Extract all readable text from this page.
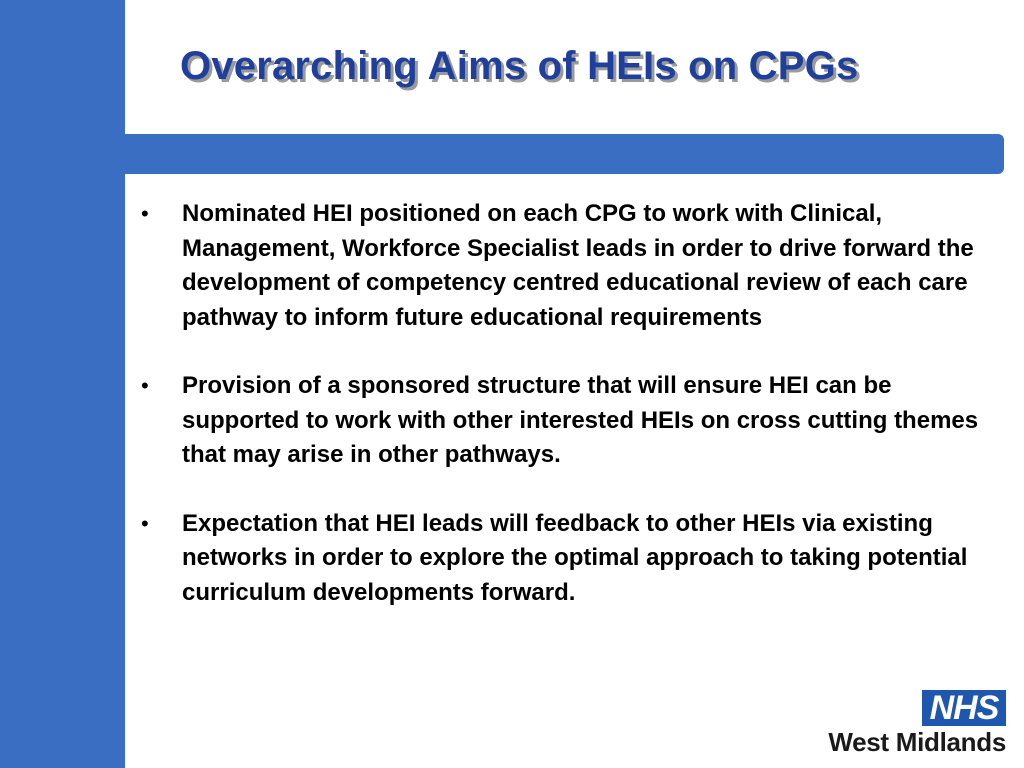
Overarching Aims of HEIs on CPGs
• Nominated HEI positioned on each CPG to work with Clinical, Management, Workforce Specialist leads in order to drive forward the development of competency centred educational review of each care pathway to inform future educational requirements
• Provision of a sponsored structure that will ensure HEI can be supported to work with other interested HEIs on cross cutting themes that may arise in other pathways.
• Expectation that HEI leads will feedback to other HEIs via existing networks in order to explore the optimal approach to taking potential curriculum developments forward.
NHS
West Midlands
